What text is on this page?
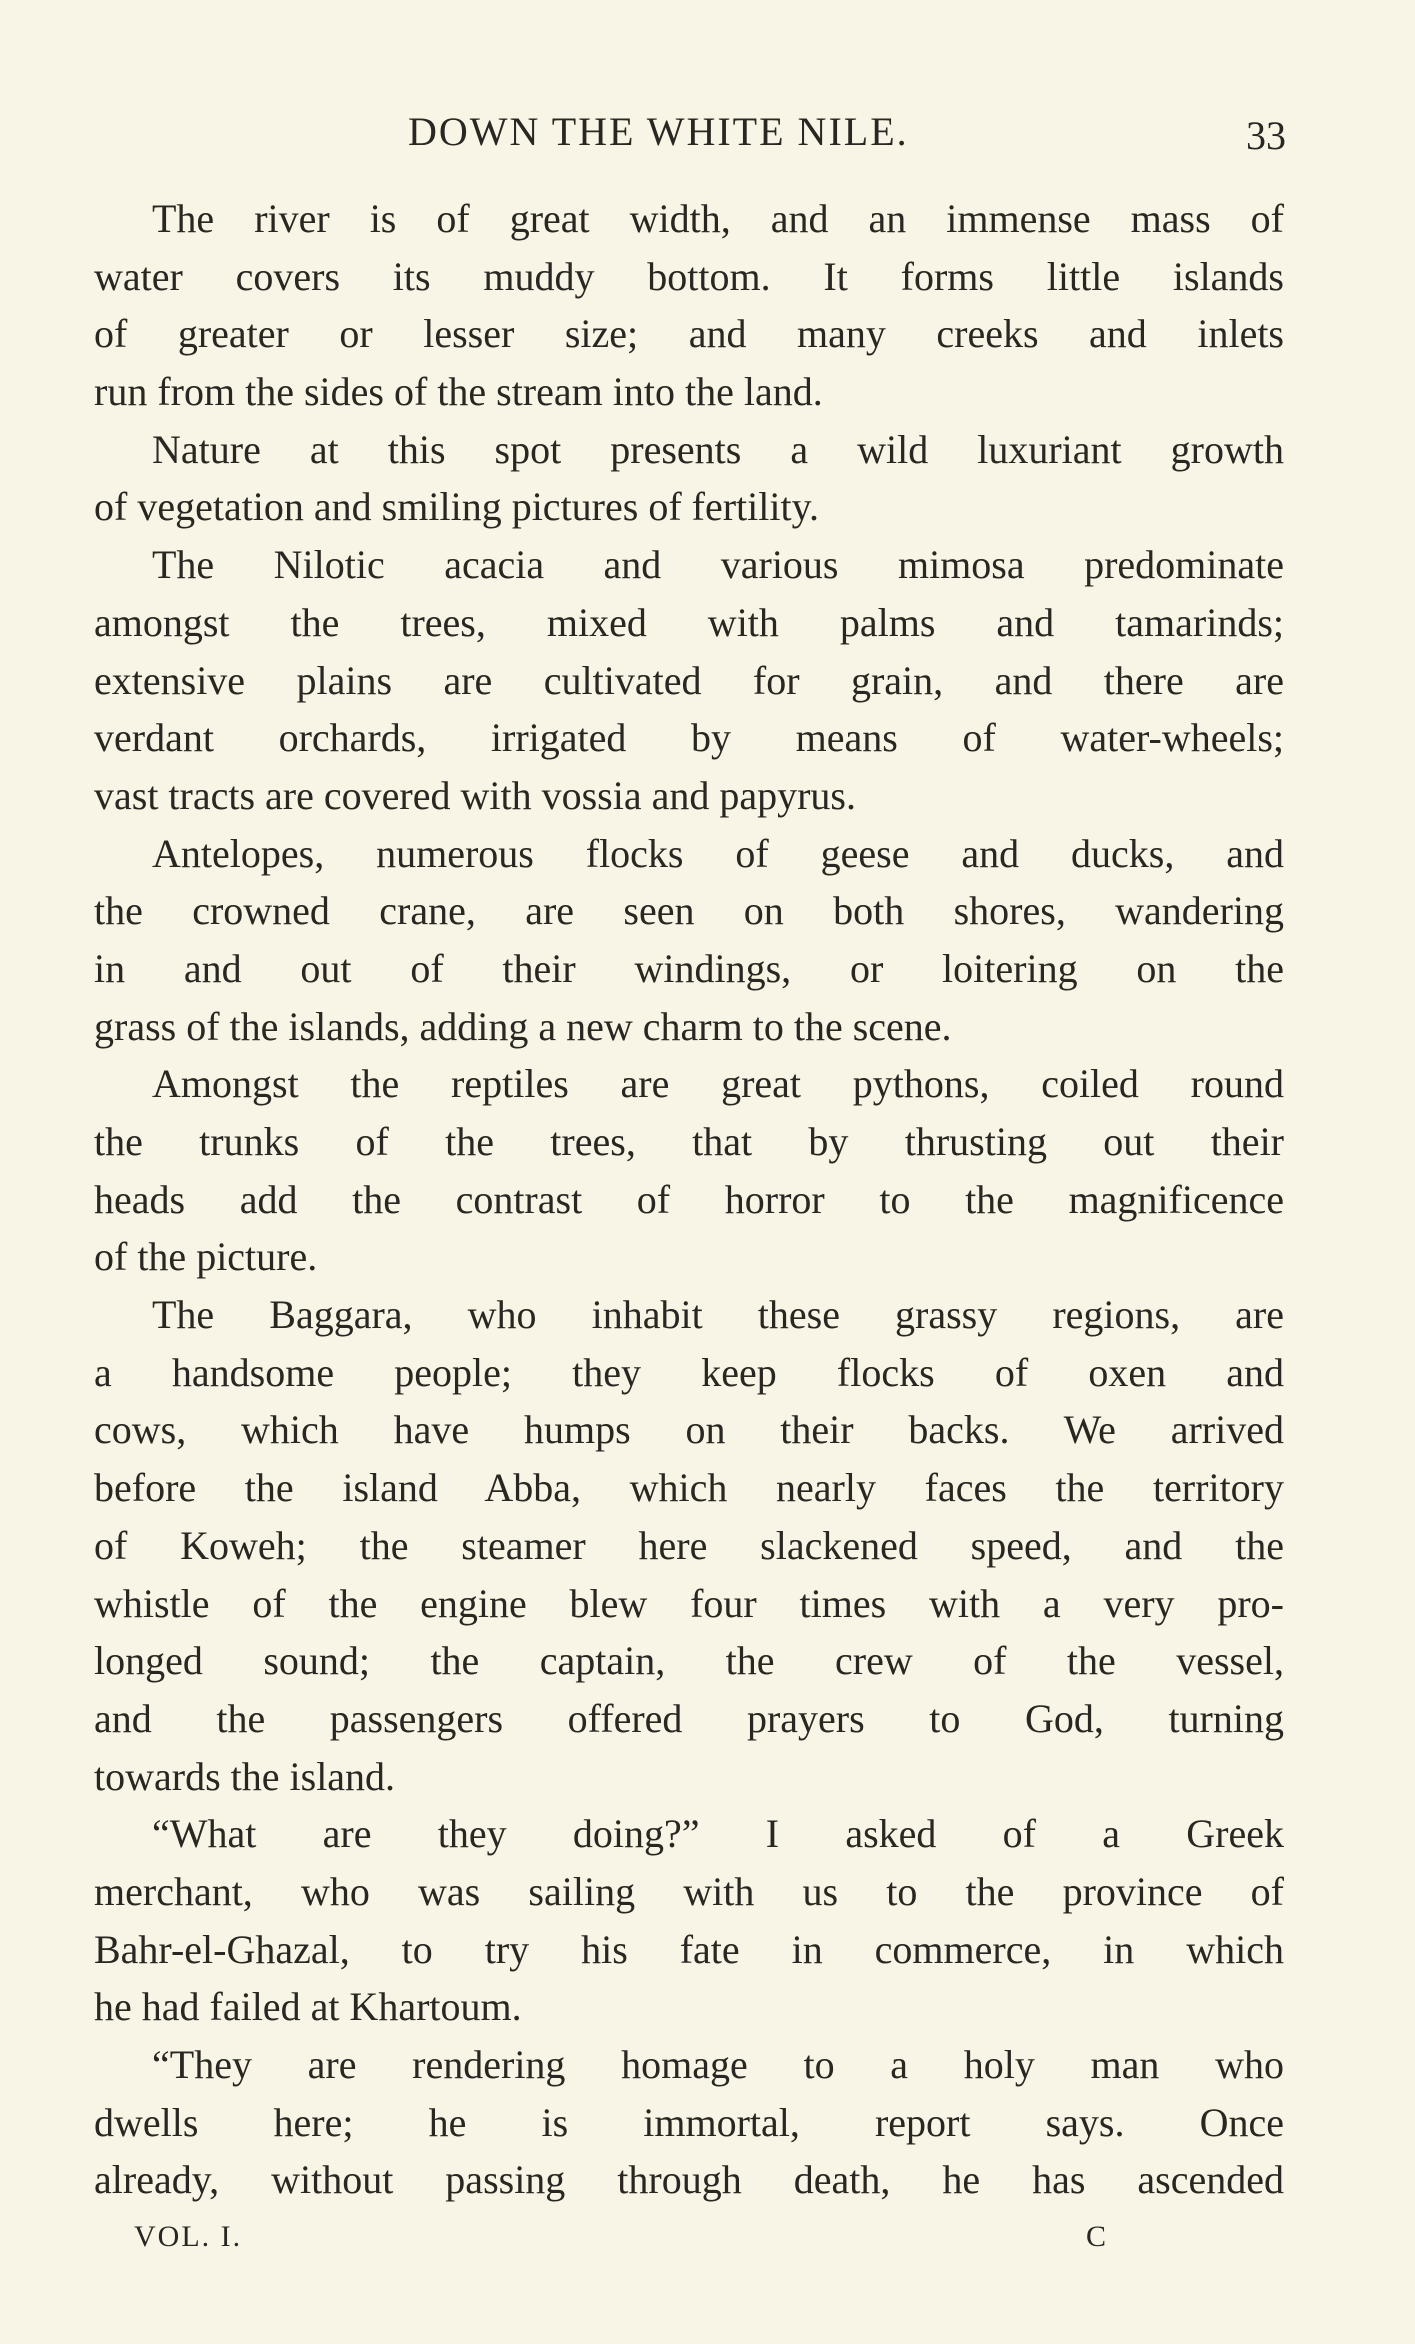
DOWN THE WHITE NILE.	33
The river is of great width, and an immense mass of
water covers its muddy bottom. It forms little islands
of greater or lesser size; and many creeks and inlets
run from the sides of the stream into the land.
Nature at this spot presents a wild luxuriant growth
of vegetation and smiling pictures of fertility.
The Nilotic acacia and various mimosa predominate
amongst the trees, mixed with palms and tamarinds;
extensive plains are cultivated for grain, and there are
verdant orchards, irrigated by means of water-wheels;
vast tracts are covered with vossia and papyrus.
Antelopes, numerous flocks of geese and ducks, and
the crowned crane, are seen on both shores, wandering
in and out of their windings, or loitering on the
grass of the islands, adding a new charm to the scene.
Amongst the reptiles are great pythons, coiled round
the trunks of the trees, that by thrusting out their
heads add the contrast of horror to the magnificence
of the picture.
The Baggara, who inhabit these grassy regions, are
a handsome people; they keep flocks of oxen and
cows, which have humps on their backs. We arrived
before the island Abba, which nearly faces the territory
of Koweh; the steamer here slackened speed, and the
whistle of the engine blew four times with a very pro-
longed sound; the captain, the crew of the vessel,
and the passengers offered prayers to God, turning
towards the island.
“What are they doing?” I asked of a Greek
merchant, who was sailing with us to the province of
Bahr-el-Ghazal, to try his fate in commerce, in which
he had failed at Khartoum.
“They are rendering homage to a holy man who
dwells here; he is immortal, report says. Once
already, without passing through death, he has ascended
VOL. I.	C
